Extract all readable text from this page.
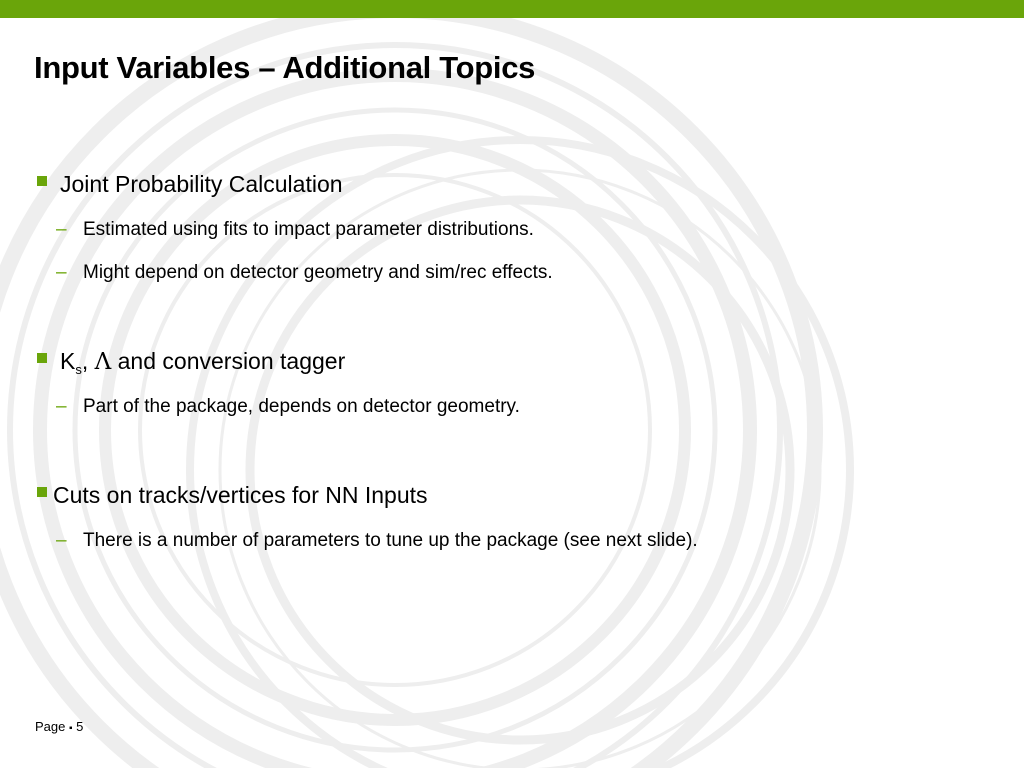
Input Variables – Additional Topics
Joint Probability Calculation
– Estimated using fits to impact parameter distributions.
– Might depend on detector geometry and sim/rec effects.
$K_s$, Λ and conversion tagger
– Part of the package, depends on detector geometry.
Cuts on tracks/vertices for NN Inputs
– There is a number of parameters to tune up the package (see next slide).
Page ▪ 5
